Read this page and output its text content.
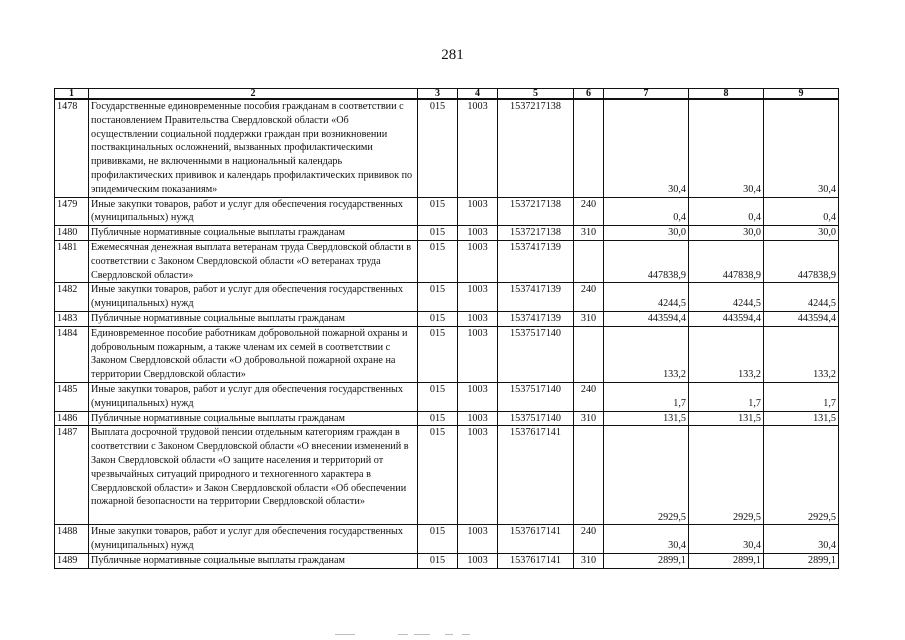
281
1	2	3	4	5	6	7	8	9
1478	Государственные единовременные пособия гражданам в соответствии с постановлением Правительства Свердловской области «Об осуществлении социальной поддержки граждан при возникновении поствакцинальных осложнений, вызванных профилактическими прививками, не включенными в национальный календарь профилактических прививок и календарь профилактических прививок по эпидемическим показаниям»	015	1003	1537217138		30,4	30,4	30,4
1479	Иные закупки товаров, работ и услуг для обеспечения государственных (муниципальных) нужд	015	1003	1537217138	240	0,4	0,4	0,4
1480	Публичные нормативные социальные выплаты гражданам	015	1003	1537217138	310	30,0	30,0	30,0
1481	Ежемесячная денежная выплата ветеранам труда Свердловской области в соответствии с Законом Свердловской области «О ветеранах труда Свердловской области»	015	1003	1537417139		447838,9	447838,9	447838,9
1482	Иные закупки товаров, работ и услуг для обеспечения государственных (муниципальных) нужд	015	1003	1537417139	240	4244,5	4244,5	4244,5
1483	Публичные нормативные социальные выплаты гражданам	015	1003	1537417139	310	443594,4	443594,4	443594,4
1484	Единовременное пособие работникам добровольной пожарной охраны и добровольным пожарным, а также членам их семей в соответствии с Законом Свердловской области «О добровольной пожарной охране на территории Свердловской области»	015	1003	1537517140		133,2	133,2	133,2
1485	Иные закупки товаров, работ и услуг для обеспечения государственных (муниципальных) нужд	015	1003	1537517140	240	1,7	1,7	1,7
1486	Публичные нормативные социальные выплаты гражданам	015	1003	1537517140	310	131,5	131,5	131,5
1487	Выплата досрочной трудовой пенсии отдельным категориям граждан в соответствии с Законом Свердловской области «О внесении изменений в Закон Свердловской области «О защите населения и территорий от чрезвычайных ситуаций природного и техногенного характера в Свердловской области» и Закон Свердловской области «Об обеспечении пожарной безопасности на территории Свердловской области»	015	1003	1537617141		2929,5	2929,5	2929,5
1488	Иные закупки товаров, работ и услуг для обеспечения государственных (муниципальных) нужд	015	1003	1537617141	240	30,4	30,4	30,4
1489	Публичные нормативные социальные выплаты гражданам	015	1003	1537617141	310	2899,1	2899,1	2899,1
